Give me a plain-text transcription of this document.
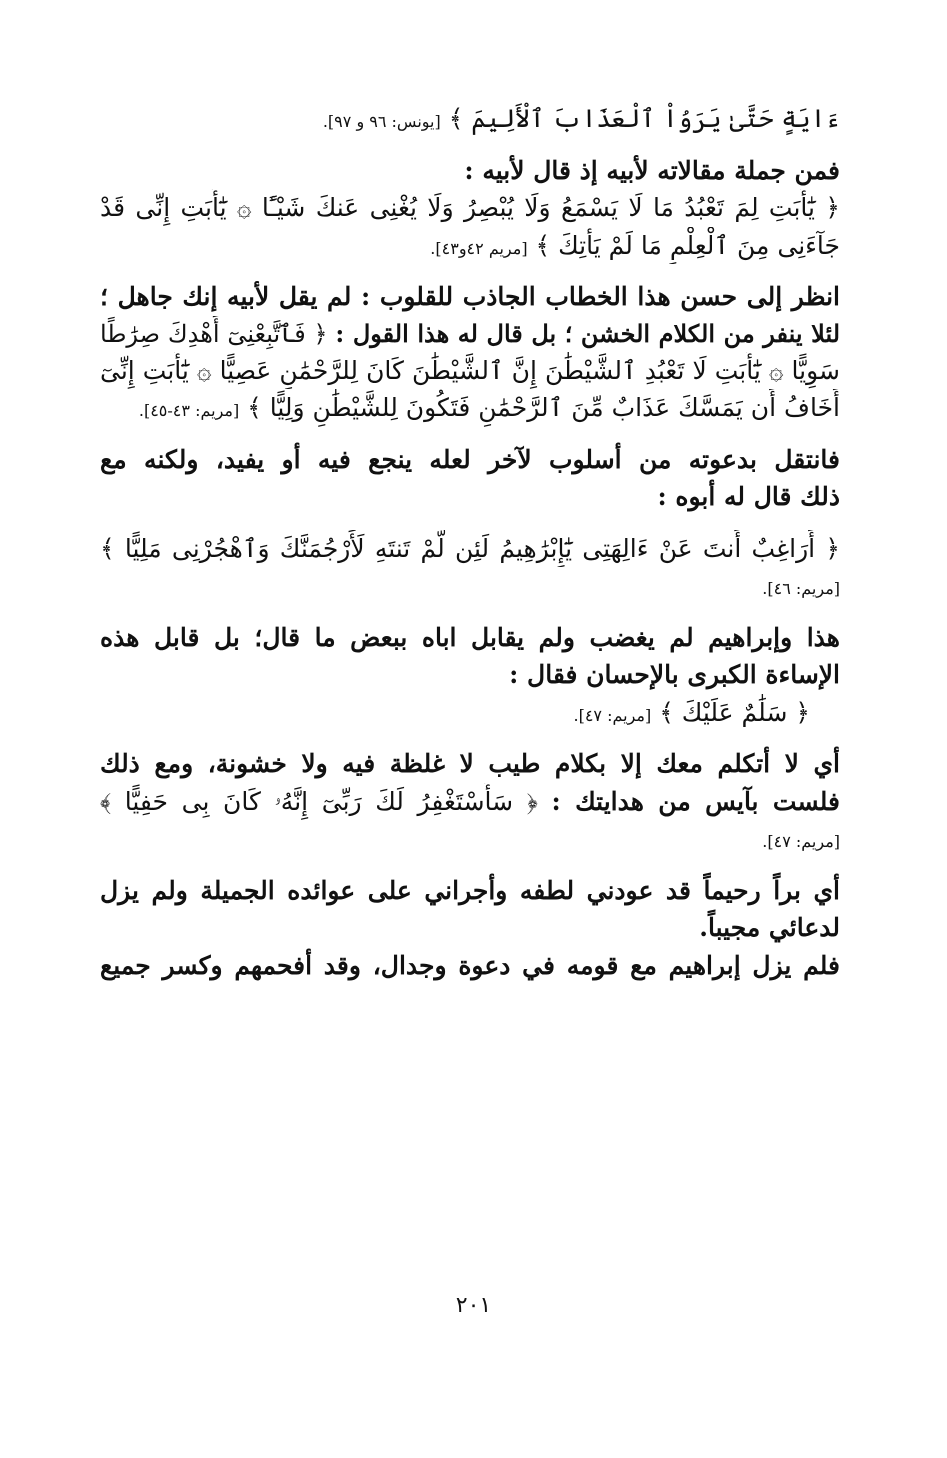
ءَايَةٍ حَتَّىٰ يَرَوُاْ ٱلْعَذَابَ ٱلْأَلِيمَ ﴾ [يونس: ٩٦ و ٩٧].

فمن جملة مقالاته لأبيه إذ قال لأبيه :

﴿ يَٰٓأَبَتِ لِمَ تَعْبُدُ مَا لَا يَسْمَعُ وَلَا يُبْصِرُ وَلَا يُغْنِى عَنكَ شَيْـًٔا ۞ يَٰٓأَبَتِ إِنِّى قَدْ

جَآءَنِى مِنَ ٱلْعِلْمِ مَا لَمْ يَأْتِكَ ﴾ [مريم ٤٢و٤٣].

انظر إلى حسن هذا الخطاب الجاذب للقلوب : لم يقل لأبيه إنك جاهل ؛

لئلا ينفر من الكلام الخشن ؛ بل قال له هذا القول : ﴿ فَٱتَّبِعْنِىٓ أَهْدِكَ صِرَٰطًا

سَوِيًّا ۞ يَٰٓأَبَتِ لَا تَعْبُدِ ٱلشَّيْطَٰنَ إِنَّ ٱلشَّيْطَٰنَ كَانَ لِلرَّحْمَٰنِ عَصِيًّا ۞ يَٰٓأَبَتِ إِنِّىٓ

أَخَافُ أَن يَمَسَّكَ عَذَابٌ مِّنَ ٱلرَّحْمَٰنِ فَتَكُونَ لِلشَّيْطَٰنِ وَلِيًّا ﴾ [مريم: ٤٣-٤٥].

فانتقل بدعوته من أسلوب لآخر لعله ينجع فيه أو يفيد، ولكنه مع

ذلك قال له أبوه :

﴿ أَرَاغِبٌ أَنتَ عَنْ ءَالِهَتِى يَٰٓإِبْرَٰهِيمُ لَئِن لَّمْ تَنتَهِ لَأَرْجُمَنَّكَ وَٱهْجُرْنِى مَلِيًّا ﴾

[مريم: ٤٦].

هذا وإبراهيم لم يغضب ولم يقابل اباه ببعض ما قال؛ بل قابل هذه

الإساءة الكبرى بالإحسان فقال :

﴿ سَلَٰمٌ عَلَيْكَ ﴾ [مريم: ٤٧].

أي لا أتكلم معك إلا بكلام طيب لا غلظة فيه ولا خشونة، ومع ذلك

فلست بآيس من هدايتك : ﴿ سَأَسْتَغْفِرُ لَكَ رَبِّىٓ إِنَّهُۥ كَانَ بِى حَفِيًّا ﴾

[مريم: ٤٧].

أي براً رحيماً قد عودني لطفه وأجراني على عوائده الجميلة ولم يزل

لدعائي مجيباً.

فلم يزل إبراهيم مع قومه في دعوة وجدال، وقد أفحمهم وكسر جميع

٢٠١
